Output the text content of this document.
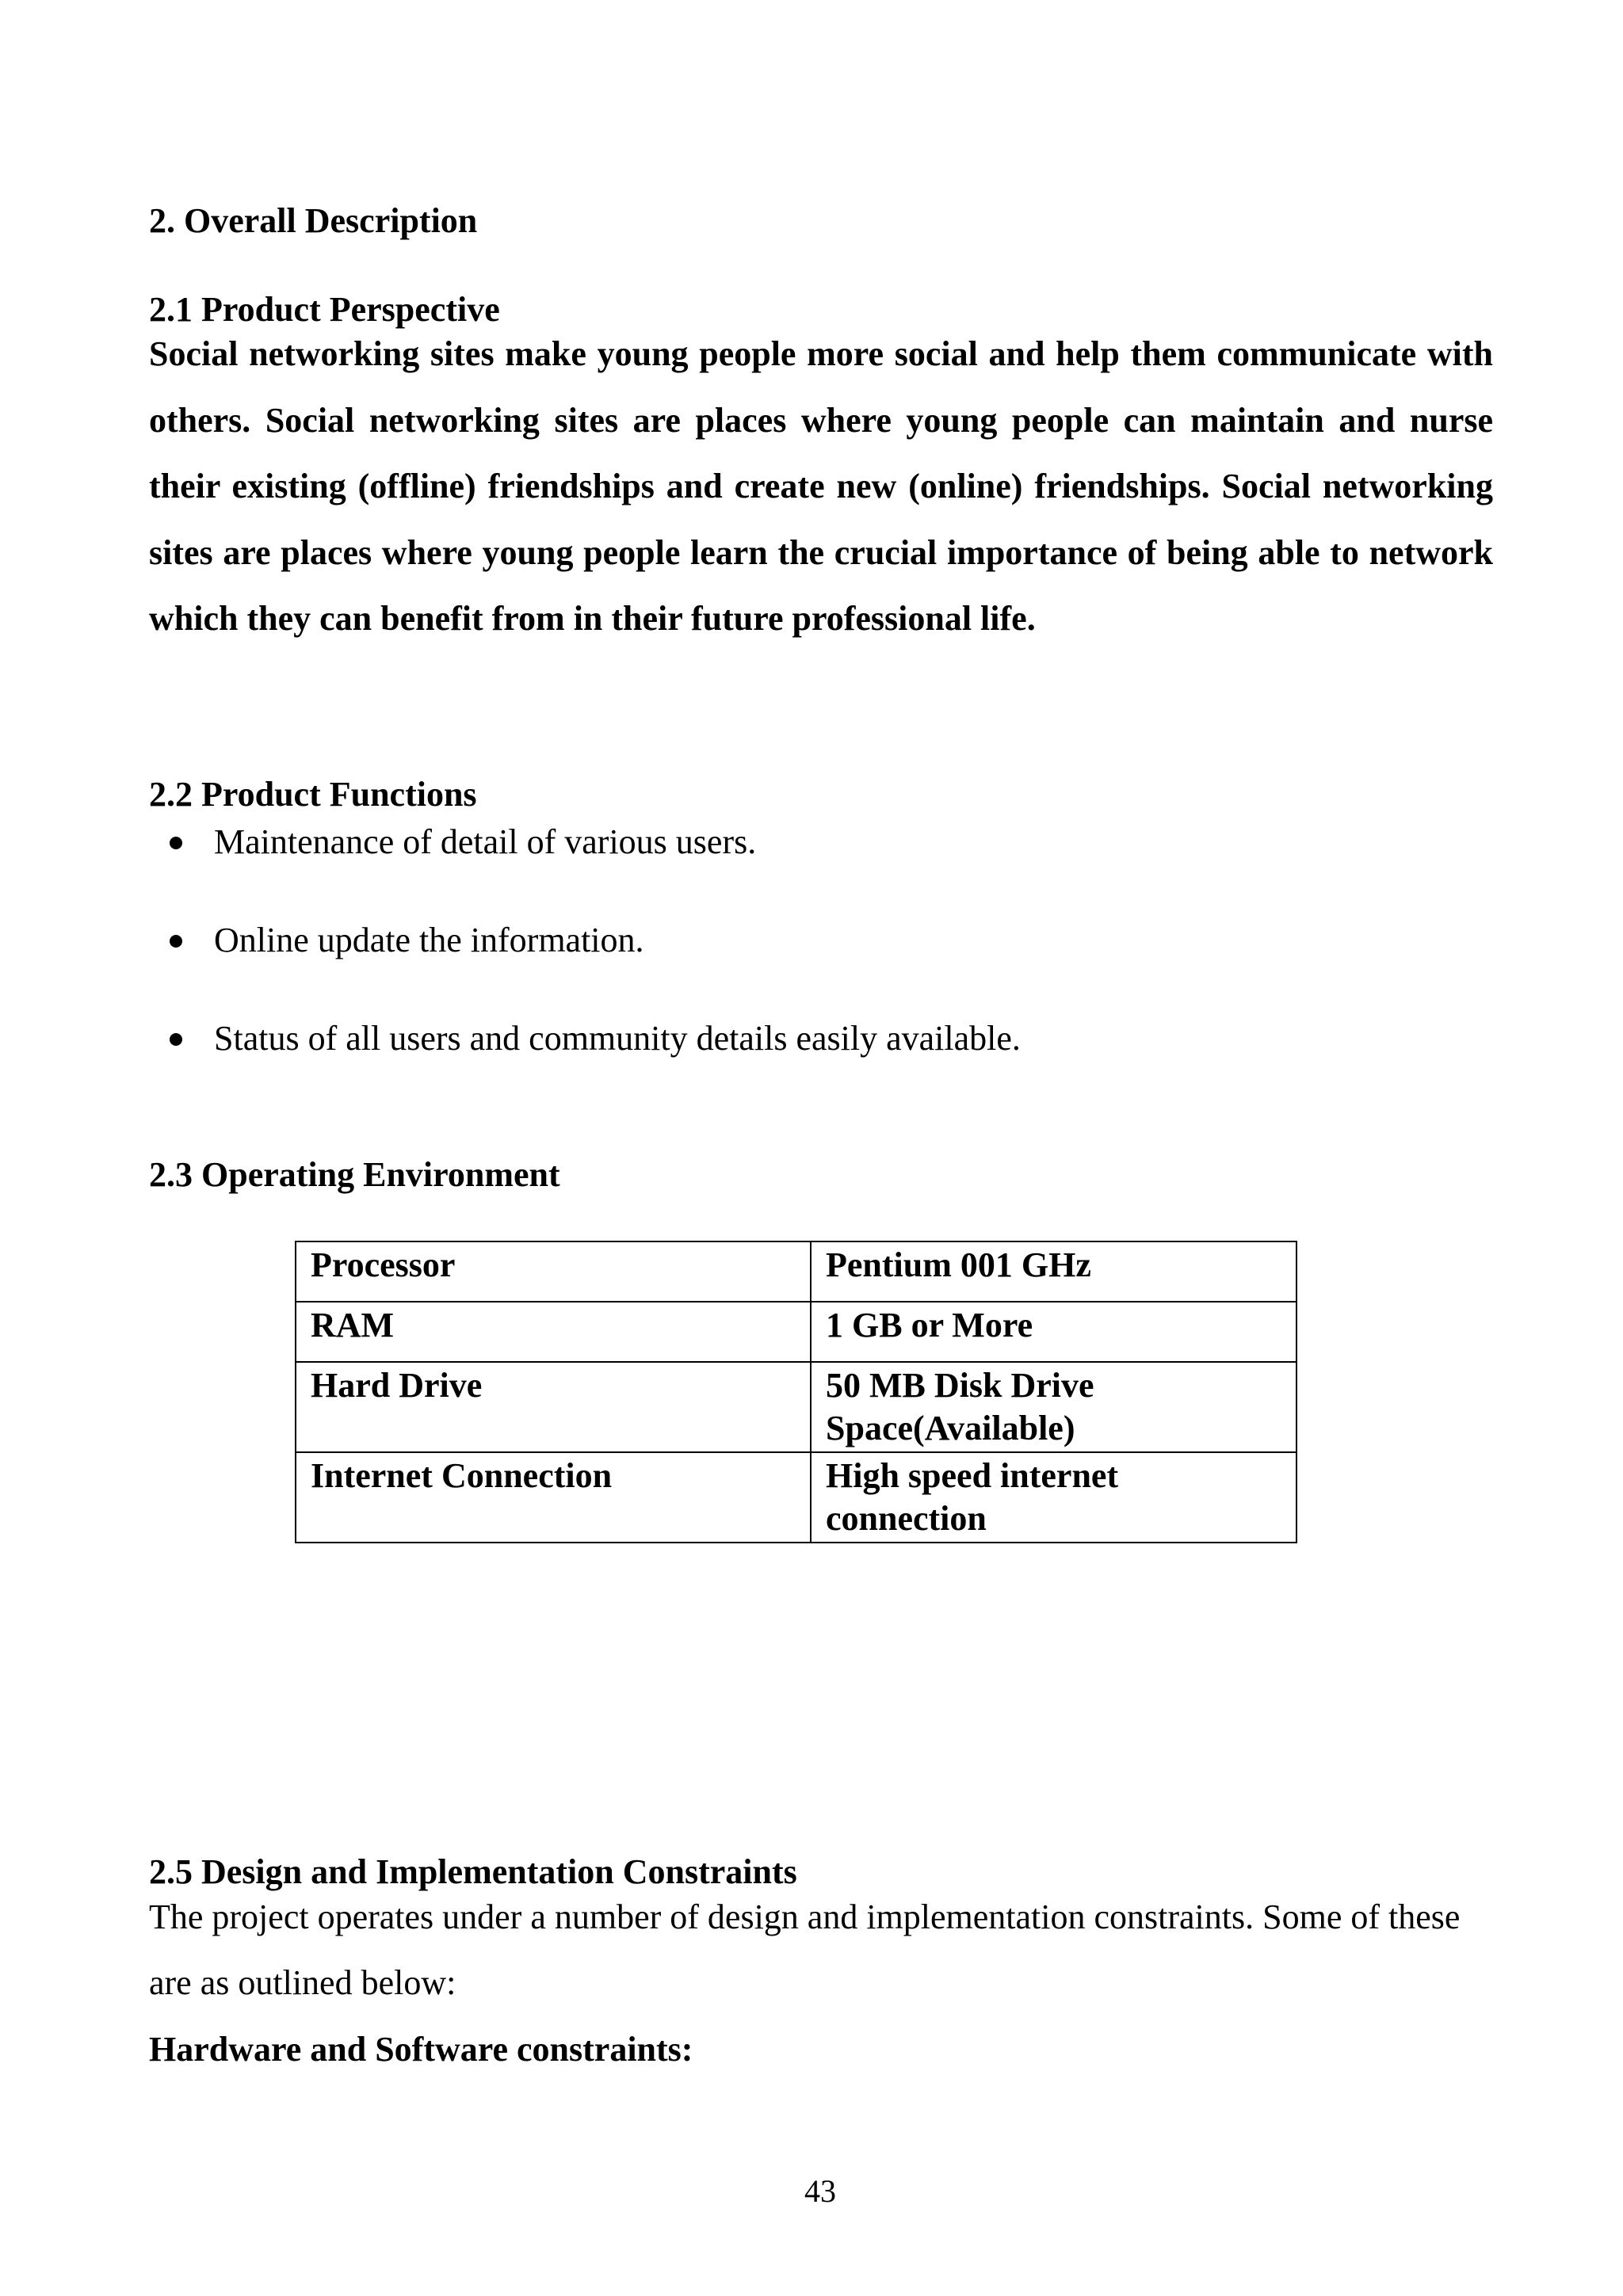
2. Overall Description
2.1 Product Perspective

Social networking sites make young people more social and help them communicate with others. Social networking sites are places where young people can maintain and nurse their existing (offline) friendships and create new (online) friendships. Social networking sites are places where young people learn the crucial importance of being able to network which they can benefit from in their future professional life.

2.2 Product Functions
Maintenance of detail of various users.
Online update the information.
Status of all users and community details easily available.
2.3 Operating Environment
Processor	Pentium 001 GHz
RAM	1 GB or More
Hard Drive	50 MB Disk Drive Space(Available)
Internet Connection	High speed internet connection
2.5 Design and Implementation Constraints

The project operates under a number of design and implementation constraints. Some of these are as outlined below:

Hardware and Software constraints:
43
